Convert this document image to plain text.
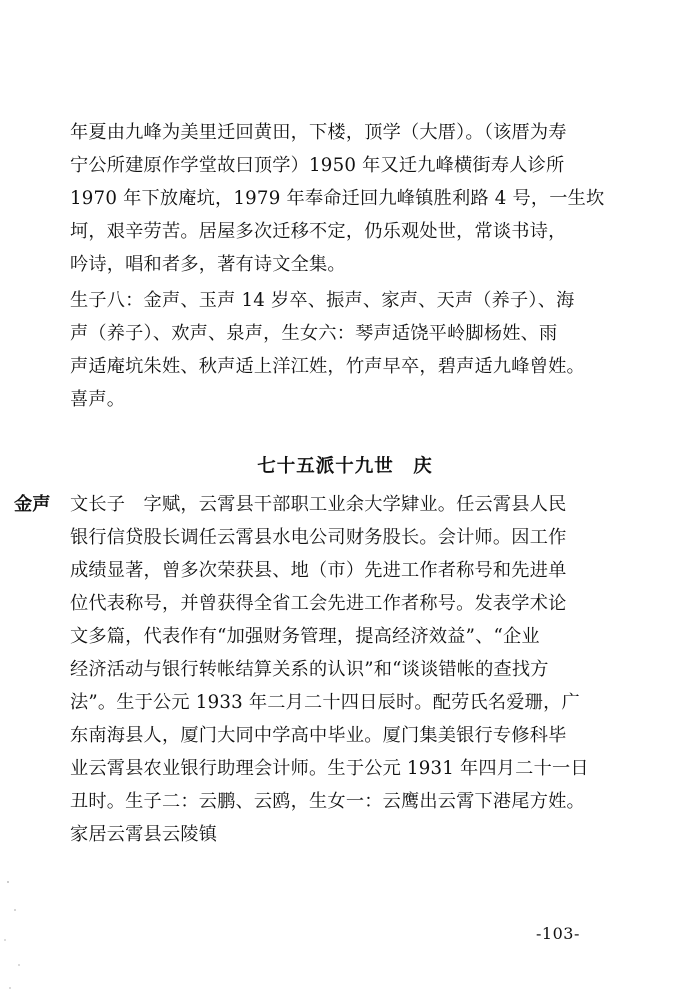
年夏由九峰为美里迁回黄田，下楼，顶学（大厝）。（该厝为寿
宁公所建原作学堂故曰顶学）1950 年又迁九峰横街寿人诊所
1970 年下放庵坑，1979 年奉命迁回九峰镇胜利路 4 号，一生坎
坷，艰辛劳苦。居屋多次迁移不定，仍乐观处世，常谈书诗，
吟诗，唱和者多，著有诗文全集。
生子八：金声、玉声 14 岁卒、振声、家声、天声（养子）、海
声（养子）、欢声、泉声，生女六：琴声适饶平岭脚杨姓、雨
声适庵坑朱姓、秋声适上洋江姓，竹声早卒，碧声适九峰曾姓。
喜声。
七十五派十九世　庆
金声 文长子　字赋，云霄县干部职工业余大学肄业。任云霄县人民
银行信贷股长调任云霄县水电公司财务股长。会计师。因工作
成绩显著，曾多次荣获县、地（市）先进工作者称号和先进单
位代表称号，并曾获得全省工会先进工作者称号。发表学术论
文多篇，代表作有“加强财务管理，提高经济效益”、“企业
经济活动与银行转帐结算关系的认识”和“谈谈错帐的查找方
法”。生于公元 1933 年二月二十四日辰时。配劳氏名爱珊，广
东南海县人，厦门大同中学高中毕业。厦门集美银行专修科毕
业云霄县农业银行助理会计师。生于公元 1931 年四月二十一日
丑时。生子二：云鹏、云鸥，生女一：云鹰出云霄下港尾方姓。
家居云霄县云陵镇
-103-
